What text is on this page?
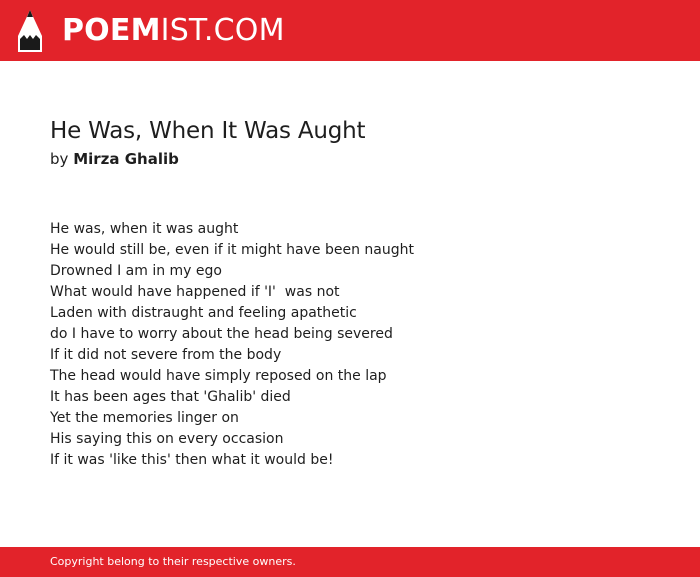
POEM IST.COM
He Was, When It Was Aught
by Mirza Ghalib
He was, when it was aught
He would still be, even if it might have been naught
Drowned I am in my ego
What would have happened if 'I'  was not
Laden with distraught and feeling apathetic
do I have to worry about the head being severed
If it did not severe from the body
The head would have simply reposed on the lap
It has been ages that 'Ghalib' died
Yet the memories linger on
His saying this on every occasion
If it was 'like this' then what it would be!
Copyright belong to their respective owners.
